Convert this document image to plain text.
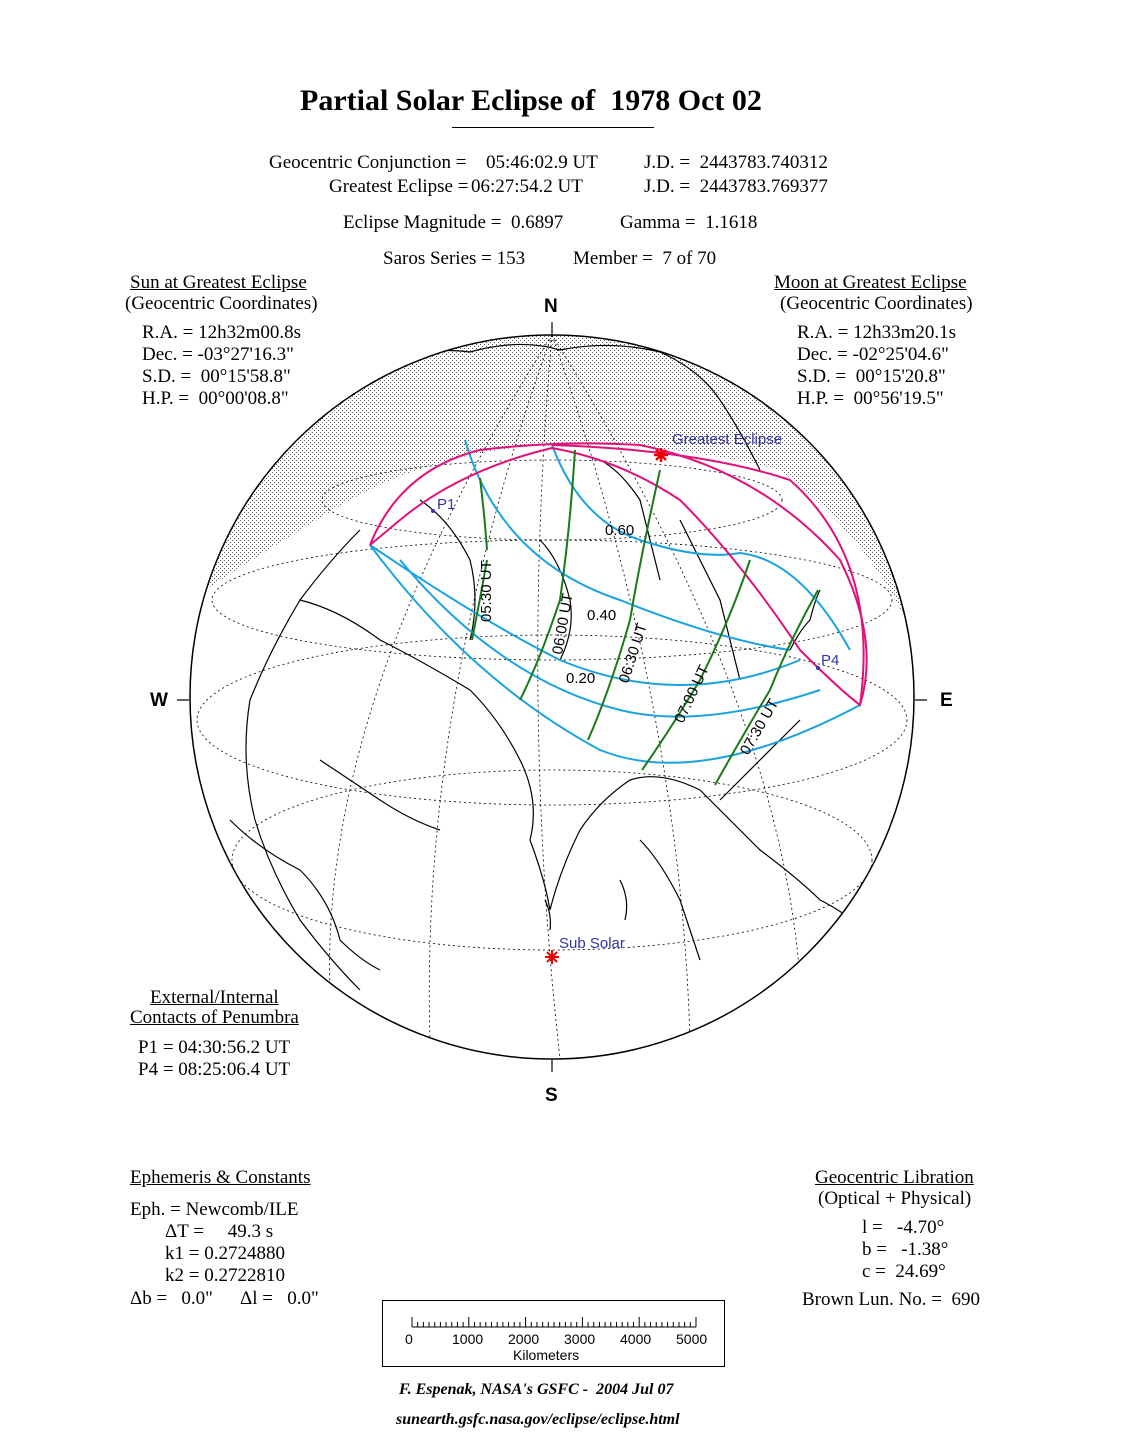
Greatest Eclipse
Sub Solar
P1
P4
0.60
0.40
0.20
05:30 UT
06:00 UT	06:30 UT
07:00 UT
07:30 UT
Partial Solar Eclipse of  1978 Oct 02
Geocentric Conjunction = 05:46:02.9 UT J.D. =  2443783.740312
Greatest Eclipse = 06:27:54.2 UT	J.D. =  2443783.769377
Eclipse Magnitude =  0.6897	Gamma =  1.1618
Saros Series = 153	Member =  7 of 70
Sun at Greatest Eclipse
(Geocentric Coordinates)
R.A. = 12h32m00.8s
Dec. = -03°27'16.3"
S.D. =  00°15'58.8"
H.P. =  00°00'08.8"
Moon at Greatest Eclipse
(Geocentric Coordinates)
R.A. = 12h33m20.1s
Dec. = -02°25'04.6"
S.D. =  00°15'20.8"
H.P. =  00°56'19.5"
N
S
W	E
External/Internal
Contacts of Penumbra
P1 = 04:30:56.2 UT
P4 = 08:25:06.4 UT
Ephemeris & Constants
Eph. = Newcomb/ILE
ΔT =     49.3 s
k1 = 0.2724880
k2 = 0.2722810
Δb =   0.0" Δl =   0.0"
Geocentric Libration
(Optical + Physical)
l =   -4.70°
b =   -1.38°
c =  24.69°
Brown Lun. No. =  690
0	1000 2000 3000 4000 5000
Kilometers
F. Espenak, NASA's GSFC -  2004 Jul 07
sunearth.gsfc.nasa.gov/eclipse/eclipse.html
